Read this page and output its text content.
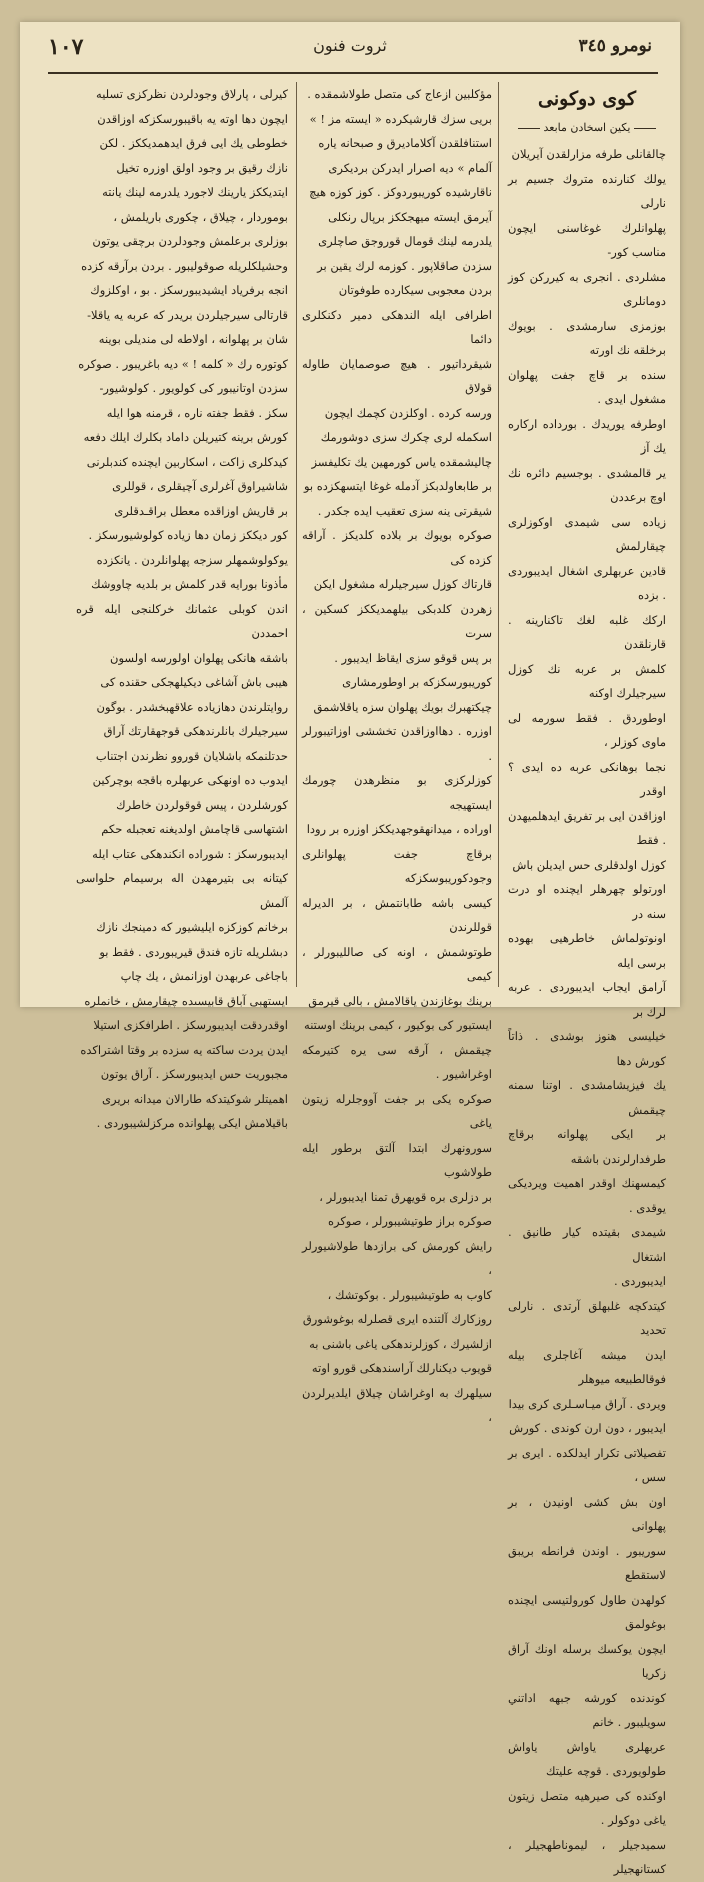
١٠٧	ثروت فنون	نومرو ٣٤٥
كوى دوكونى
يكين اسخادن مابعد

چالقانلى طرفه مزارلقدن آيريلان

يولك كنارنده متروك جسيم بر نارلى

پهلوانلرك غوغاسنى ايچون مناسب كور-

مشلردى . انجرى به كيرركن كوز دومانلرى

بوزمزى سارمشدى . بويوك برخلقه نك اورته

سنده بر قاچ جفت پهلوان مشغول ايدى .

اوطرفه يوريدك . بورداده اركاره يك آز

ير قالمشدى . بوجسيم دائره نك اوچ برعددن

زياده سى شيمدى اوكوزلرى چيقارلمش

قادين عربهلرى اشغال ايديبوردى . بزده

اركك غلبه لغك تاكنارينه . قارنلقدن

كلمش بر عربه نك كوزل سيرجيلرك اوكنه

اوطوردق . فقط سورمه لى ماوى كوزلر ،

نجما بوهانكى عربه ده ايدى ؟ اوقدر

اوزاقدن ايى بر تفريق ايدهلميهدن . فقط

كوزل اولدقلرى حس ايديلن باش

اورتولو چهرهلر ايچنده او درت سنه در

اونوتولماش خاطرهيى بهوده برسى ايله

آرامق ايجاب ايديبوردى . عربه لرك بر

خيليسى هنوز بوشدى . ذاتاً كورش دها

يك فيزيشامشدى . اوتنا سمنه چيقمش

بر ايكى پهلوانه برقاچ طرفدارلرندن باشقه

كيمسهنك اوقدر اهميت ويرديكى يوقدى .

شيمدى بقيتده كيار طانيق . اشتغال

ايديبوردى .

كيتدكچه غلبهلق آرتدى . نارلى تحديد

ايدن ميشه آغاجلرى بيله فوقالطبيعه ميوهلر

ويردى . آراق ميـاسـلرى كرى بيدا

ايديبور ، دون ارن كوندى . كورش

تفصيلاتى تكرار ايدلكده . ايرى بر سس ،

اون بش كشى اونيدن ، بر پهلوانى

سوريبور . اوندن فرانطه بريبق لاستقطع

كولهدن طاول كورولتيسى ايچنده بوغولمق

ايچون يوكسك برسله اونك آراق زكريا

كوندنده كورشه جبهه اداتني سويليبور . خانم

عربهلرى ياواش ياواش طولويوردى . قوچه عليتك

اوكنده كى صيرهيه متصل زيتون ياغى دوكولر .

سميدجيلر ، ليموناطهجيلر ، كستانهجيلر

مؤكلبين ازعاج كى متصل طولاشمقده .

بريى سزك قارشيكرده « ايسته مز ! »

استنافلقدن آكلاماديرق و صبحانه ياره

آلمام » ديه اصرار ايدركن برديكرى

ناقارشيده كوريبوردوكز . كوز كوزه هيچ

آيرمق ايسته ميهجككز برپال رنكلى

يلدرمه لينك قومال قوروجق صاچلرى

سزدن صاقلاپور . كوزمه لرك يقين بر

بردن معجوبى سيكارده طوفوتان

اطرافى ايله الندهكى دمير دكنكلرى دائما

شيقرداتيور . هيچ صوصمايان طاوله قولاق

ورسه كرده . اوكلزدن كچمك ايچون

اسكمله لرى چكرك سزى دوشورمك

چاليشمقده ياس كورمهين يك تكليفسز

بر طابعاولدبكز آدمله غوغا ايتسهكزده بو

شيقرتى ينه سزى تعقيب ايده جكدر .

صوكره بويوك بر بلاده كلديكز . آراقه كزده كى

قارتاك كوزل سيرجيلرله مشغول ايكن

زهردن كلدبكى بيلهمديككز كسكين ، سرت

بر پس قوقو سزى ايقاظ ايديبور .

كوريبورسكزكه بر اوطورمشارى

چيكتهبرك بويك پهلوان سزه ياقلاشمق

اوزره . دهااوزاقدن تخششى اوزاتيبورلر .

كوزلركزى بو منظرهدن چورمك ايستهيجه

اوراده ، ميدانهقوجهديككز اوزره بر رودا

برقاچ جفت پهلوانلرى وجودكوريبوسكزكه

كيسى باشه طابانتمش ، بر الديرله قوللرندن

طوتوشمش ، اونه كى صالليبورلر ، كيمى

برينك بوغازندن ياقالامش ، بالى قيرمق

ايستيور كى بوكيور ، كيمى برينك اوستنه

چيقمش ، آرقه سى يره كتيرمكه اوغراشيور .

صوكره يكى بر جفت آووجلرله زيتون ياغى

سورونهرك ابتدا آلتق برطور ايله طولاشوب

بر دزلرى بره قويهرق تمنا ايديبورلر ،

صوكره براز طوتيشيبورلر ، صوكره

رايش كورمش كى برازدها طولاشيورلر ،

كاوب به طوتيشيبورلر . بوكوتشك ،

روزكارك آلتنده ايرى قصلرله بوغوشورق

ازلشيرك ، كوزلرندهكى ياغى باشنى به

قويوب ديكنارلك آراسندهكى قورو اوته

سيلهرك به اوغراشان چيلاق ايلديرلردن ،

كيرلى ، پارلاق وجودلردن نظركزى تسليه

ايچون دها اوته يه باقيبورسكزكه اوزاقدن

خطوطى يك ايى فرق ايدهمديككز . لكن

نازك رقيق بر وجود اولق اوزره تخيل

ايتديككز يارينك لاجورد يلدرمه لينك يانته

بوموردار ، چيلاق ، چكورى باريلمش ،

بوزلرى برعلمش وجودلردن برچقى يوتون

وحشيلكلريله صوقوليبور . بردن برآرقه كزده

انجه برفرياد ايشيديبورسكز . بو ، اوكلزوك

قارتالى سيرجيلردن بريدر كه عربه يه ياقلا-

شان بر پهلوانه ، اولاطه لى منديلى بوينه

كوتوره رك « كلمه ! » ديه باغريبور . صوكره

سزدن اوتانيبور كى كولويور . كولوشيور-

سكز . فقط جفته ناره ، قرمنه هوا ايله

كورش برينه كتيريلن داماد بكلرك ايلك دفعه

كيدكلرى زاكت ، اسكاربين ايچنده كندبلرنى

شاشيراوق آغرلرى آچيقلرى ، قوللرى

بر قاريش اوزاقده معطل براقـدقلرى

كور ديككز زمان دها زياده كولوشيورسكز .

يوكولوشمهلر سزجه پهلوانلردن . يانكزده

مأذونا بورايه قدر كلمش بر بلديه چاووشك

اندن كوبلى عثمانك خركلنجى ايله قره احمددن

باشقه هانكى پهلوان اولورسه اولسون

هيبى باش آشاغى ديكيلهجكى حقنده كى

روايتلرندن دهازياده علاقهبخشدر . بوگون

سيرجيلرك بانلرندهكى قوجهقارتك آراق

حدتلنمكه باشلايان قوروو نظرندن اجتناب

ايدوب ده اونهكى عربهلره باقجه بوچركين

كورشلردن ، پيس قوقولردن خاطرك

اشتهاسى قاچامش اولديغنه تعجبله حكم

ايديبورسكز : شوراده انكندهكى عتاب ايله

كيتانه بى بتيرمهدن اله برسيمام حلواسى آلمش

برخانم كوزكزه ايليشيور كه دمينجك نازك

دبشلريله تازه فندق قيريبوردى . فقط بو

باجاغى عربهدن اوزانمش ، يك چاپ

ايستهبى آباق قابيسىده چيقارمش ، خانملره

اوقدردقت ايديبورسكز . اطرافكزى استيلا

ايدن يردت ساكته يه سزده بر وقتا اشتراكده

مجبوريت حس ايديبورسكز . آراق يوتون

اهميتلر شوكيتدكه طارالان ميدانه بريرى

باقيلامش ايكى پهلوانده مركزلشيبوردى .
